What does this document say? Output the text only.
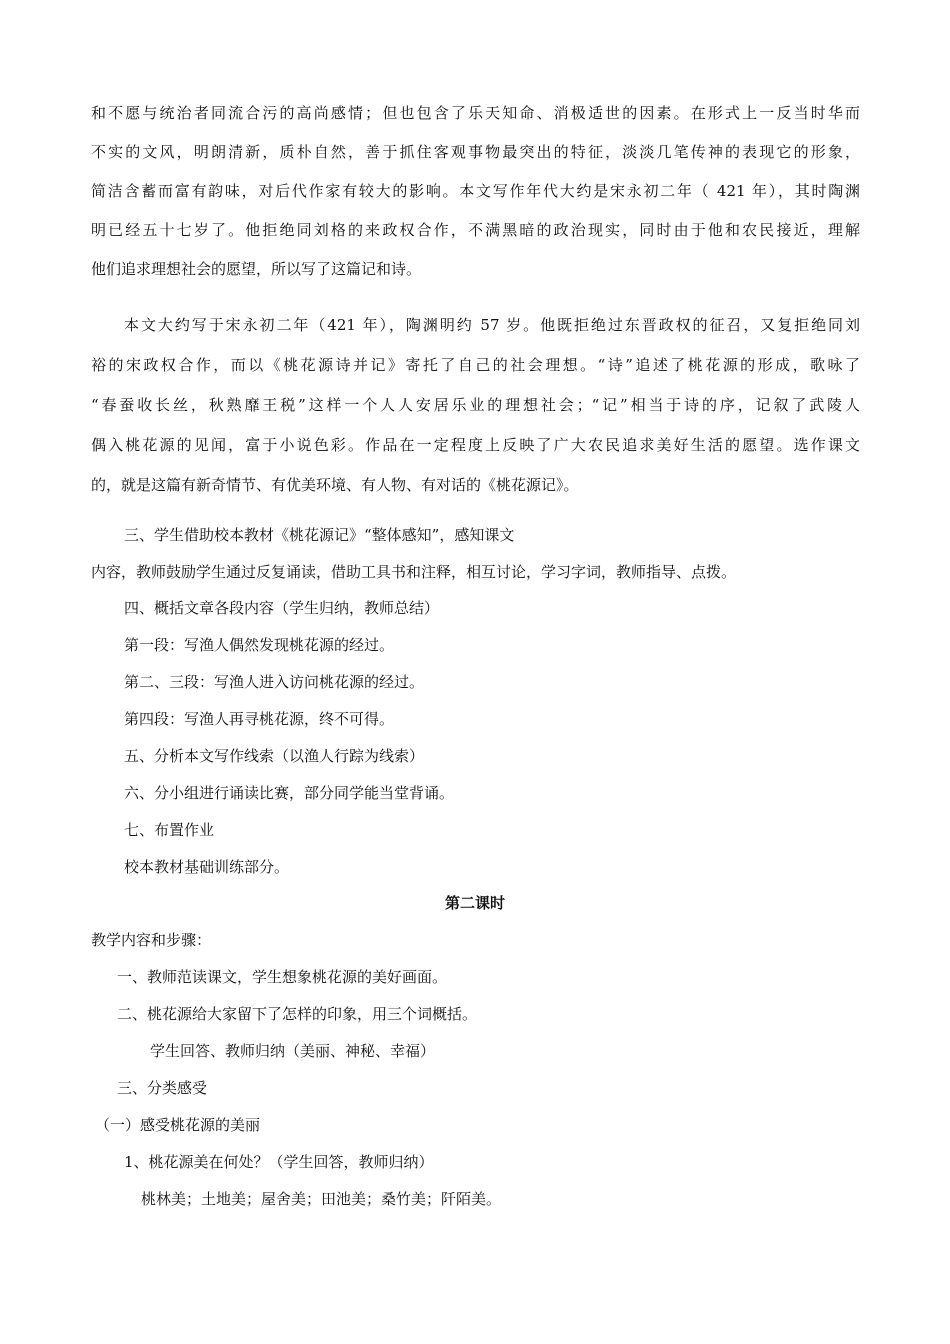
和不愿与统治者同流合污的高尚感情；但也包含了乐天知命、消极适世的因素。在形式上一反当时华而
不实的文风，明朗清新，质朴自然，善于抓住客观事物最突出的特征，淡淡几笔传神的表现它的形象，
简洁含蓄而富有韵味，对后代作家有较大的影响。本文写作年代大约是宋永初二年（ 421 年），其时陶渊
明已经五十七岁了。他拒绝同刘格的来政权合作，不满黑暗的政治现实，同时由于他和农民接近，理解
他们追求理想社会的愿望，所以写了这篇记和诗。
本文大约写于宋永初二年（421 年），陶渊明约 57 岁。他既拒绝过东晋政权的征召，又复拒绝同刘
裕的宋政权合作，而以《桃花源诗并记》寄托了自己的社会理想。“诗”追述了桃花源的形成，歌咏了
“春蚕收长丝，秋熟靡王税”这样一个人人安居乐业的理想社会；“记”相当于诗的序，记叙了武陵人
偶入桃花源的见闻，富于小说色彩。作品在一定程度上反映了广大农民追求美好生活的愿望。选作课文
的，就是这篇有新奇情节、有优美环境、有人物、有对话的《桃花源记》。
三、学生借助校本教材《桃花源记》“整体感知”，感知课文
内容，教师鼓励学生通过反复诵读，借助工具书和注释，相互讨论，学习字词，教师指导、点拨。
四、概括文章各段内容（学生归纳，教师总结）
第一段：写渔人偶然发现桃花源的经过。
第二、三段：写渔人进入访问桃花源的经过。
第四段：写渔人再寻桃花源，终不可得。
五、分析本文写作线索（以渔人行踪为线索）
六、分小组进行诵读比赛，部分同学能当堂背诵。
七、布置作业
校本教材基础训练部分。
第二课时
教学内容和步骤：
一、教师范读课文，学生想象桃花源的美好画面。
二、桃花源给大家留下了怎样的印象，用三个词概括。
学生回答、教师归纳（美丽、神秘、幸福）
三、分类感受
（一）感受桃花源的美丽
1、桃花源美在何处？（学生回答，教师归纳）
桃林美；土地美；屋舍美；田池美；桑竹美；阡陌美。
